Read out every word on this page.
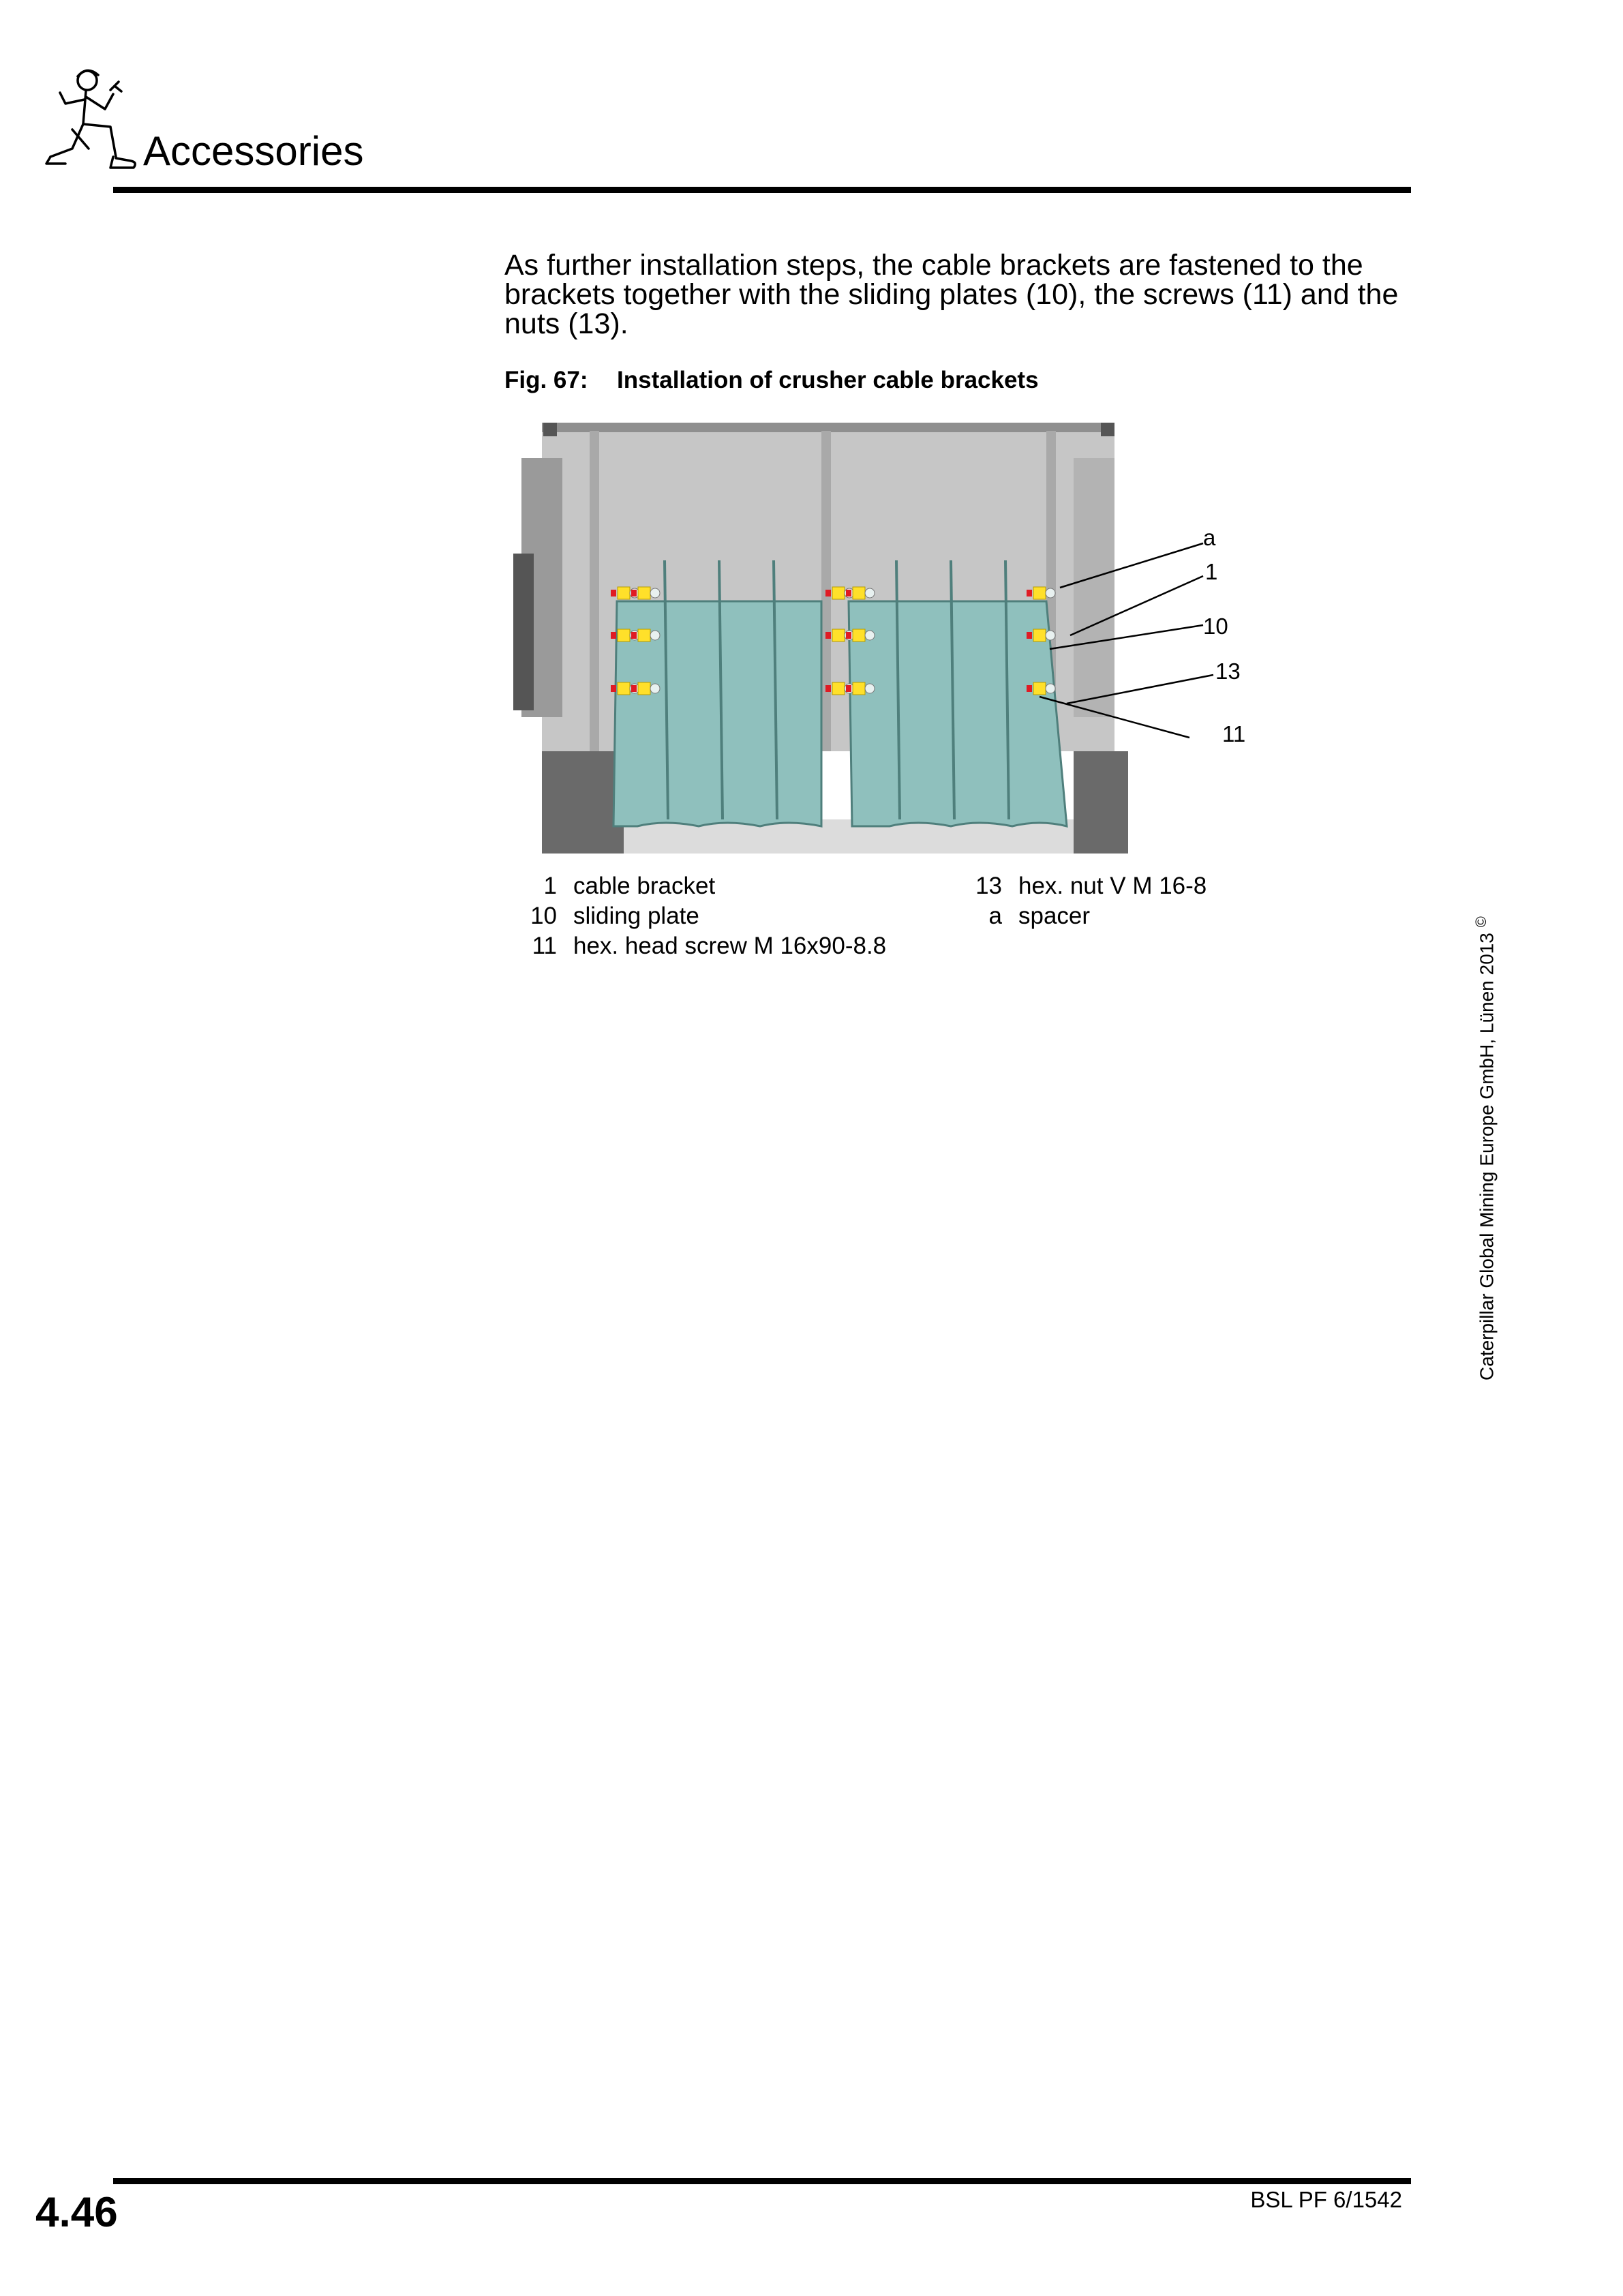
Accessories
As further installation steps, the cable brackets are fastened to the brackets together with the sliding plates (10), the screws (11) and the nuts (13).
Fig. 67: Installation of crusher cable brackets
a
1
10
13
11
1 cable bracket
10 sliding plate
11 hex. head screw M 16x90-8.8
13 hex. nut V M 16-8
a spacer
Caterpillar Global Mining Europe GmbH, Lünen 2013 ©
4.46	BSL PF 6/1542
